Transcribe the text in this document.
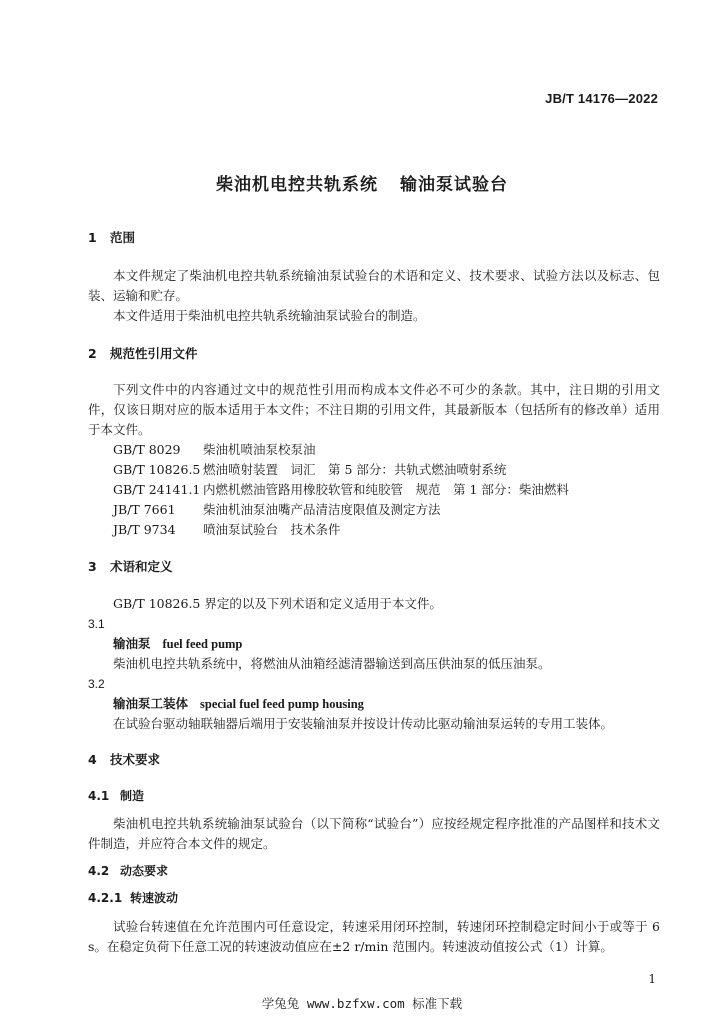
JB/T 14176—2022
柴油机电控共轨系统 输油泵试验台
1 范围
本文件规定了柴油机电控共轨系统输油泵试验台的术语和定义、技术要求、试验方法以及标志、包装、运输和贮存。
本文件适用于柴油机电控共轨系统输油泵试验台的制造。
2 规范性引用文件
下列文件中的内容通过文中的规范性引用而构成本文件必不可少的条款。其中，注日期的引用文件，仅该日期对应的版本适用于本文件；不注日期的引用文件，其最新版本（包括所有的修改单）适用于本文件。
GB/T 8029 柴油机喷油泵校泵油
GB/T 10826.5 燃油喷射装置　词汇　第 5 部分：共轨式燃油喷射系统
GB/T 24141.1 内燃机燃油管路用橡胶软管和纯胶管　规范　第 1 部分：柴油燃料
JB/T 7661 柴油机油泵油嘴产品清洁度限值及测定方法
JB/T 9734 喷油泵试验台　技术条件
3 术语和定义
GB/T 10826.5 界定的以及下列术语和定义适用于本文件。
3.1
输油泵 fuel feed pump
柴油机电控共轨系统中，将燃油从油箱经滤清器输送到高压供油泵的低压油泵。
3.2
输油泵工装体 special fuel feed pump housing
在试验台驱动轴联轴器后端用于安装输油泵并按设计传动比驱动输油泵运转的专用工装体。
4 技术要求
4.1 制造
柴油机电控共轨系统输油泵试验台（以下简称“试验台”）应按经规定程序批准的产品图样和技术文件制造，并应符合本文件的规定。
4.2 动态要求
4.2.1 转速波动
试验台转速值在允许范围内可任意设定，转速采用闭环控制，转速闭环控制稳定时间小于或等于 6 s。在稳定负荷下任意工况的转速波动值应在±2 r/min 范围内。转速波动值按公式（1）计算。
1
学兔兔 www.bzfxw.com 标准下载
